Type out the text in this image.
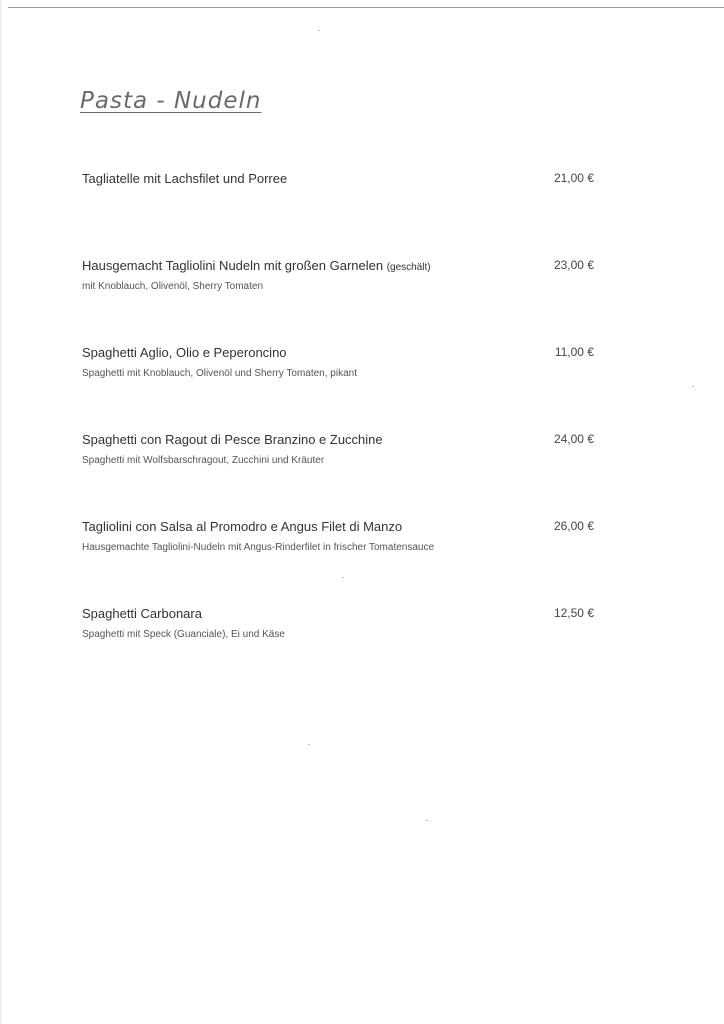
Pasta - Nudeln
Tagliatelle mit Lachsfilet und Porree	21,00 €
Hausgemacht Tagliolini Nudeln mit großen Garnelen (geschält)	23,00 €
mit Knoblauch, Olivenöl, Sherry Tomaten
Spaghetti Aglio, Olio e Peperoncino	11,00 €
Spaghetti mit Knoblauch, Olivenöl und Sherry Tomaten, pikant
Spaghetti con Ragout di Pesce Branzino e Zucchine	24,00 €
Spaghetti mit Wolfsbarschragout, Zucchini und Kräuter
Tagliolini con Salsa al Promodro e Angus Filet di Manzo	26,00 €
Hausgemachte Tagliolini-Nudeln mit Angus-Rinderfilet in frischer Tomatensauce
Spaghetti Carbonara	12,50 €
Spaghetti mit Speck (Guanciale), Ei und Käse
